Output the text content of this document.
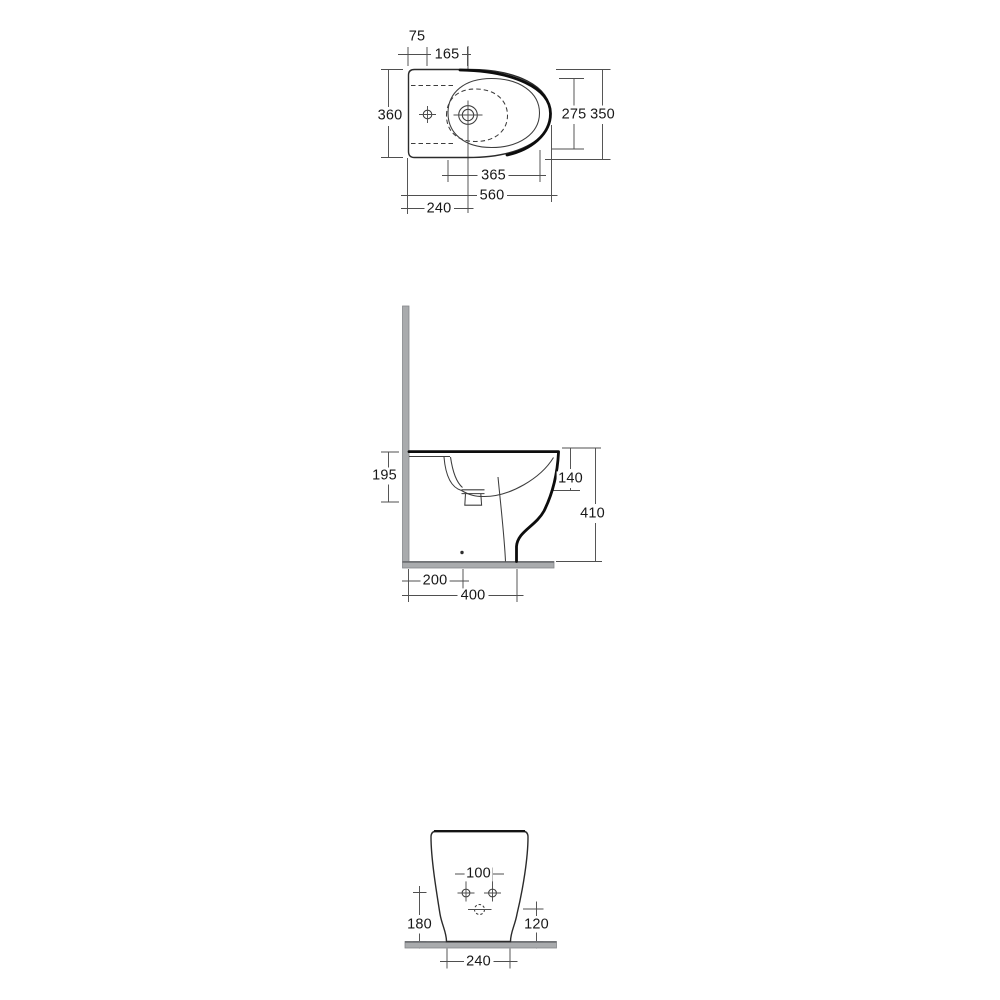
75
165
360	275 350
365
560
240
195	140
410
200
400
100
180	120
240
